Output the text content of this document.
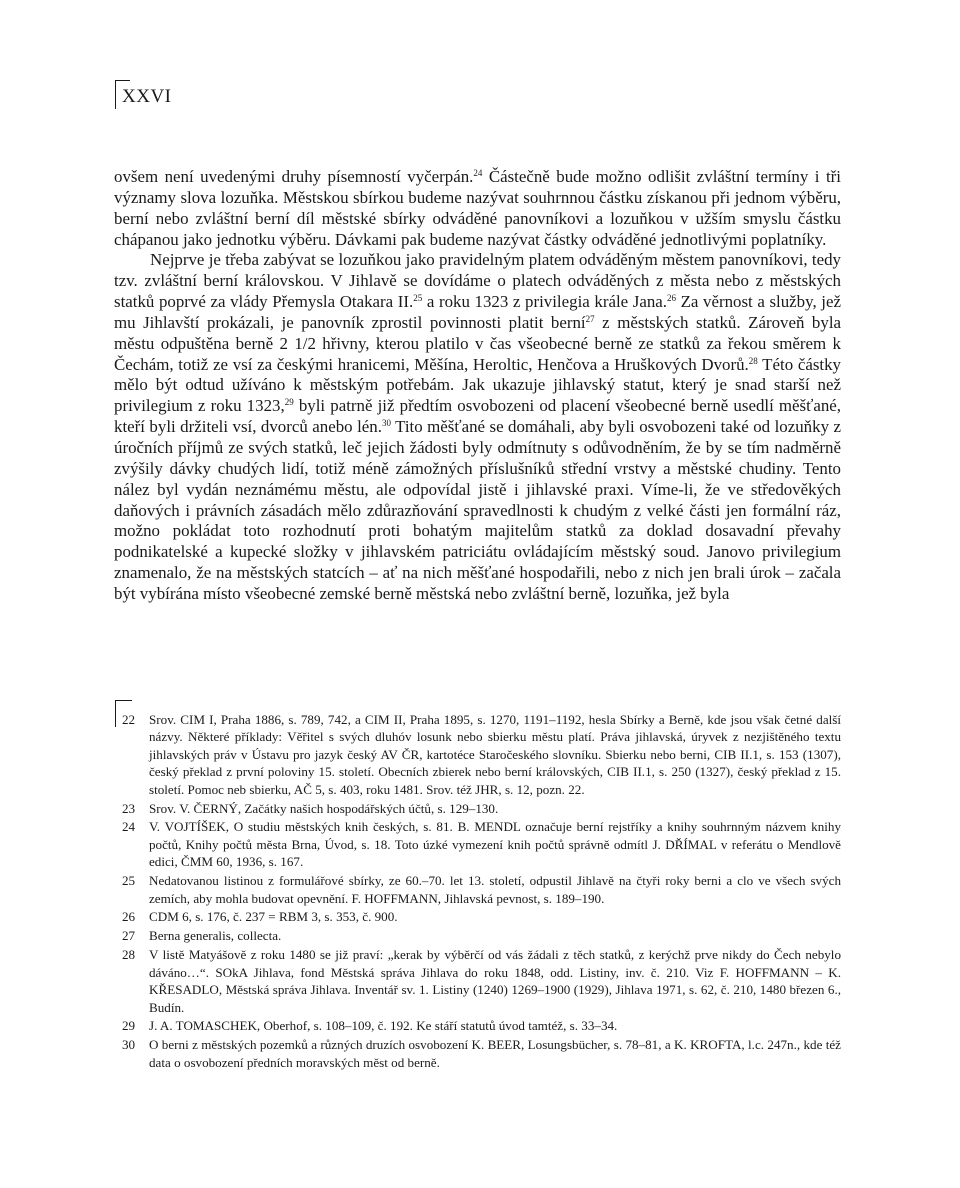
XXVI

ovšem není uvedenými druhy písemností vyčerpán.$^{24}$ Částečně bude možno odlišit zvláštní termíny i tři významy slova lozuňka. Městskou sbírkou budeme nazývat souhrnnou částku získanou při jednom výběru, berní nebo zvláštní berní díl městské sbírky odváděné panovníkovi a lozuňkou v užším smyslu částku chápanou jako jednotku výběru. Dávkami pak budeme nazývat částky odváděné jednotlivými poplatníky.

Nejprve je třeba zabývat se lozuňkou jako pravidelným platem odváděným městem panovníkovi, tedy tzv. zvláštní berní královskou. V Jihlavě se dovídáme o platech odváděných z města nebo z městských statků poprvé za vlády Přemysla Otakara II.$^{25}$ a roku 1323 z privilegia krále Jana.$^{26}$ Za věrnost a služby, jež mu Jihlavští prokázali, je panovník zprostil povinnosti platit berní$^{27}$ z městských statků. Zároveň byla městu odpuštěna berně 2 1/2 hřivny, kterou platilo v čas všeobecné berně ze statků za řekou směrem k Čechám, totiž ze vsí za českými hranicemi, Měšína, Heroltic, Henčova a Hruškových Dvorů.$^{28}$ Této částky mělo být odtud užíváno k městským potřebám. Jak ukazuje jihlavský statut, který je snad starší než privilegium z roku 1323,29 byli patrně již předtím osvobozeni od placení všeobecné berně usedlí měšťané, kteří byli držiteli vsí, dvorců anebo lén.$^{30}$ Tito měšťané se domáhali, aby byli osvobozeni také od lozuňky z úročních příjmů ze svých statků, leč jejich žádosti byly odmítnuty s odůvodněním, že by se tím nadměrně zvýšily dávky chudých lidí, totiž méně zámožných příslušníků střední vrstvy a městské chudiny. Tento nález byl vydán neznámému městu, ale odpovídal jistě i jihlavské praxi. Víme-li, že ve středověkých daňových i právních zásadách mělo zdůrazňování spravedlnosti k chudým z velké části jen formální ráz, možno pokládat toto rozhodnutí proti bohatým majitelům statků za doklad dosavadní převahy podnikatelské a kupecké složky v jihlavském patriciátu ovládajícím městský soud. Janovo privilegium znamenalo, že na městských statcích – ať na nich měšťané hospodařili, nebo z nich jen brali úrok – začala být vybírána místo všeobecné zemské berně městská nebo zvláštní berně, lozuňka, jež byla

22	Srov. CIM I, Praha 1886, s. 789, 742, a CIM II, Praha 1895, s. 1270, 1191–1192, hesla Sbírky a Berně, kde jsou však četné další názvy. Některé příklady: Věřitel s svých dluhóv losunk nebo sbierku městu platí. Práva jihlavská, úryvek z nezjištěného textu jihlavských práv v Ústavu pro jazyk český AV ČR, kartotéce Staročeského slovníku. Sbierku nebo berni, CIB II.1, s. 153 (1307), český překlad z první poloviny 15. století. Obecních zbierek nebo berní královských, CIB II.1, s. 250 (1327), český překlad z 15. století. Pomoc neb sbierku, AČ 5, s. 403, roku 1481. Srov. též JHR, s. 12, pozn. 22.
23	Srov. V. ČERNÝ, Začátky našich hospodářských účtů, s. 129–130.
24	V. VOJTÍŠEK, O studiu městských knih českých, s. 81. B. MENDL označuje berní rejstříky a knihy souhrnným názvem knihy počtů, Knihy počtů města Brna, Úvod, s. 18. Toto úzké vymezení knih počtů správně odmítl J. DŘÍMAL v referátu o Mendlově edici, ČMM 60, 1936, s. 167.
25	Nedatovanou listinou z formulářové sbírky, ze 60.–70. let 13. století, odpustil Jihlavě na čtyři roky berni a clo ve všech svých zemích, aby mohla budovat opevnění. F. HOFFMANN, Jihlavská pevnost, s. 189–190.
26	CDM 6, s. 176, č. 237 = RBM 3, s. 353, č. 900.
27	Berna generalis, collecta.
28	V listě Matyášově z roku 1480 se již praví: „kerak by výběrčí od vás žádali z těch statků, z kerýchž prve nikdy do Čech nebylo dáváno…“. SOkA Jihlava, fond Městská správa Jihlava do roku 1848, odd. Listiny, inv. č. 210. Viz F. HOFFMANN – K. KŘESADLO, Městská správa Jihlava. Inventář sv. 1. Listiny (1240) 1269–1900 (1929), Jihlava 1971, s. 62, č. 210, 1480 březen 6., Budín.
29	J. A. TOMASCHEK, Oberhof, s. 108–109, č. 192. Ke stáří statutů úvod tamtéž, s. 33–34.
30	O berni z městských pozemků a různých druzích osvobození K. BEER, Losungsbücher, s. 78–81, a K. KROFTA, l.c. 247n., kde též data o osvobození předních moravských měst od berně.
